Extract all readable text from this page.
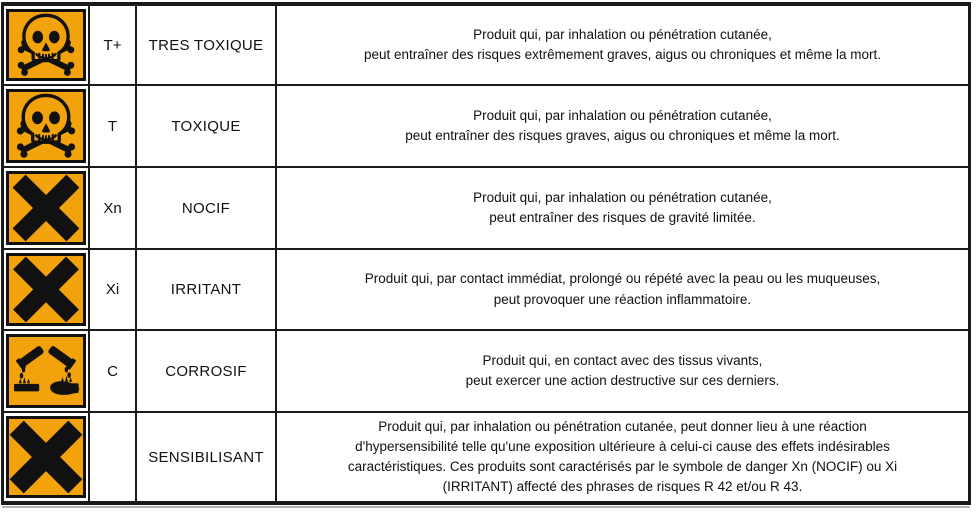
T+	TRES TOXIQUE
Produit qui, par inhalation ou pénétration cutanée,
peut entraîner des risques extrêmement graves, aigus ou chroniques et même la mort.
T	TOXIQUE
Produit qui, par inhalation ou pénétration cutanée,
peut entraîner des risques graves, aigus ou chroniques et même la mort.
Xn	NOCIF
Produit qui, par inhalation ou pénétration cutanée,
peut entraîner des risques de gravité limitée.
Xi	IRRITANT
Produit qui, par contact immédiat, prolongé ou répété avec la peau ou les muqueuses,
peut provoquer une réaction inflammatoire.
C	CORROSIF
Produit qui, en contact avec des tissus vivants,
peut exercer une action destructive sur ces derniers.
SENSIBILISANT
Produit qui, par inhalation ou pénétration cutanée, peut donner lieu à une réaction
d'hypersensibilité telle qu'une exposition ultérieure à celui-ci cause des effets indésirables
caractéristiques. Ces produits sont caractérisés par le symbole de danger Xn (NOCIF) ou Xi
(IRRITANT) affecté des phrases de risques R 42 et/ou R 43.
